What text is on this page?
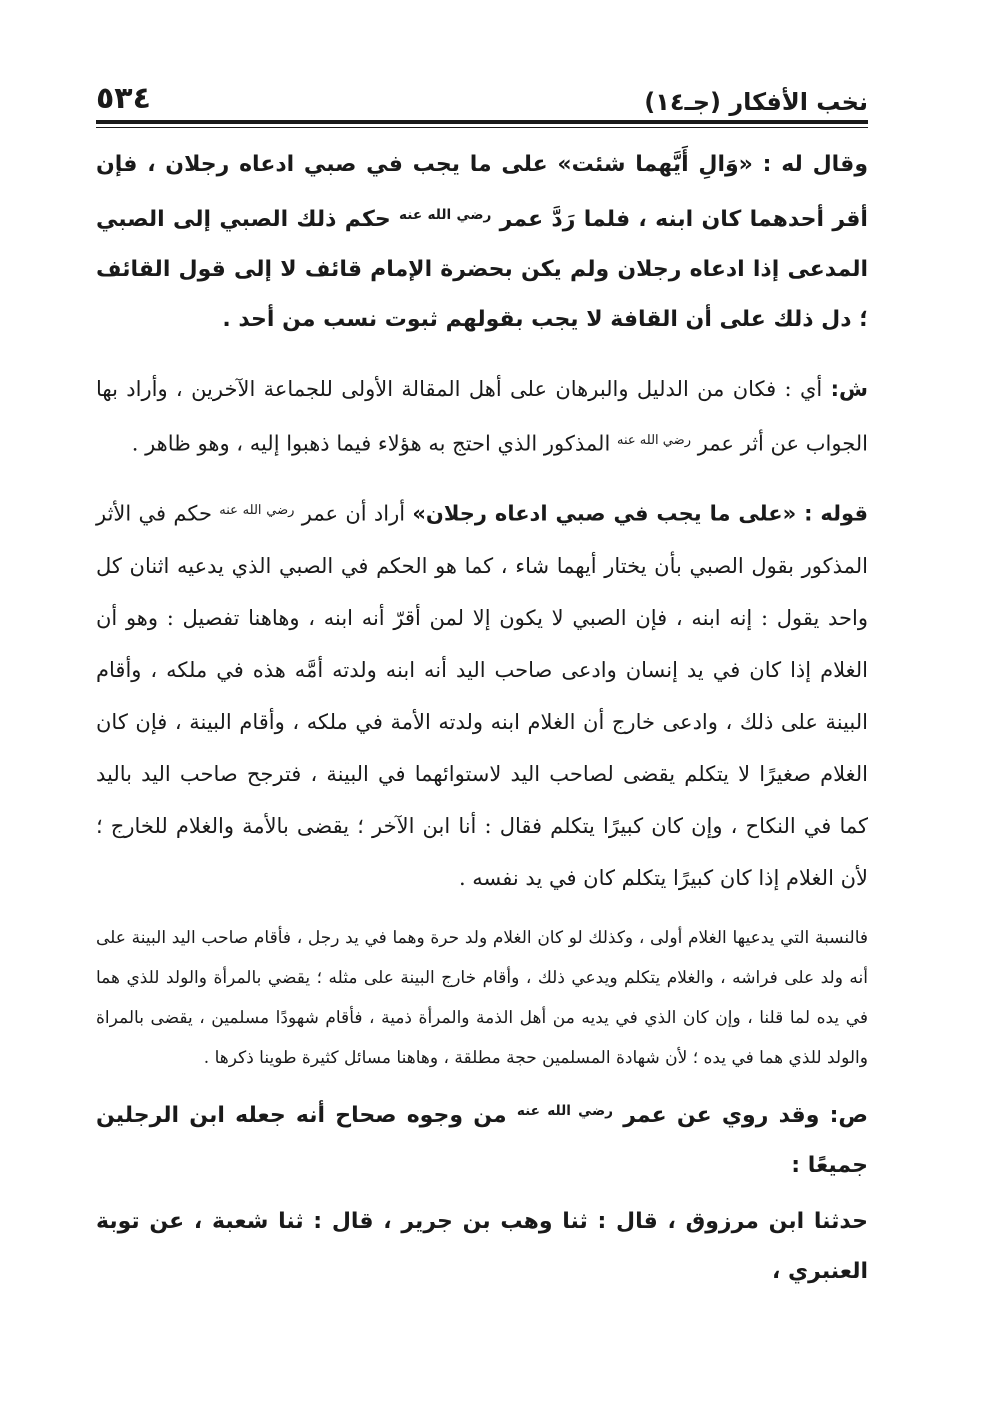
نخب الأفكار (جـ١٤)
٥٣٤

وقال له : «وَالِ أَيَّهما شئت» على ما يجب في صبي ادعاه رجلان ، فإن أقر أحدهما كان ابنه ، فلما رَدَّ عمر $^{رضي الله عنه}$ حكم ذلك الصبي إلى الصبي المدعى إذا ادعاه رجلان ولم يكن بحضرة الإمام قائف لا إلى قول القائف ؛ دل ذلك على أن القافة لا يجب بقولهم ثبوت نسب من أحد .

ش: أي : فكان من الدليل والبرهان على أهل المقالة الأولى للجماعة الآخرين ، وأراد بها الجواب عن أثر عمر $^{رضي الله عنه}$ المذكور الذي احتج به هؤلاء فيما ذهبوا إليه ، وهو ظاهر .

قوله : «على ما يجب في صبي ادعاه رجلان» أراد أن عمر $^{رضي الله عنه}$ حكم في الأثر المذكور بقول الصبي بأن يختار أيهما شاء ، كما هو الحكم في الصبي الذي يدعيه اثنان كل واحد يقول : إنه ابنه ، فإن الصبي لا يكون إلا لمن أقرّ أنه ابنه ، وهاهنا تفصيل : وهو أن الغلام إذا كان في يد إنسان وادعى صاحب اليد أنه ابنه ولدته أمَّه هذه في ملكه ، وأقام البينة على ذلك ، وادعى خارج أن الغلام ابنه ولدته الأمة في ملكه ، وأقام البينة ، فإن كان الغلام صغيرًا لا يتكلم يقضى لصاحب اليد لاستوائهما في البينة ، فترجح صاحب اليد باليد كما في النكاح ، وإن كان كبيرًا يتكلم فقال : أنا ابن الآخر ؛ يقضى بالأمة والغلام للخارج ؛ لأن الغلام إذا كان كبيرًا يتكلم كان في يد نفسه .

فالنسبة التي يدعيها الغلام أولى ، وكذلك لو كان الغلام ولد حرة وهما في يد رجل ، فأقام صاحب اليد البينة على أنه ولد على فراشه ، والغلام يتكلم ويدعي ذلك ، وأقام خارج البينة على مثله ؛ يقضي بالمرأة والولد للذي هما في يده لما قلنا ، وإن كان الذي في يديه من أهل الذمة والمرأة ذمية ، فأقام شهودًا مسلمين ، يقضى بالمراة والولد للذي هما في يده ؛ لأن شهادة المسلمين حجة مطلقة ، وهاهنا مسائل كثيرة طوينا ذكرها .

ص: وقد روي عن عمر $^{رضي الله عنه}$ من وجوه صحاح أنه جعله ابن الرجلين جميعًا :

حدثنا ابن مرزوق ، قال : ثنا وهب بن جرير ، قال : ثنا شعبة ، عن توبة العنبري ،
